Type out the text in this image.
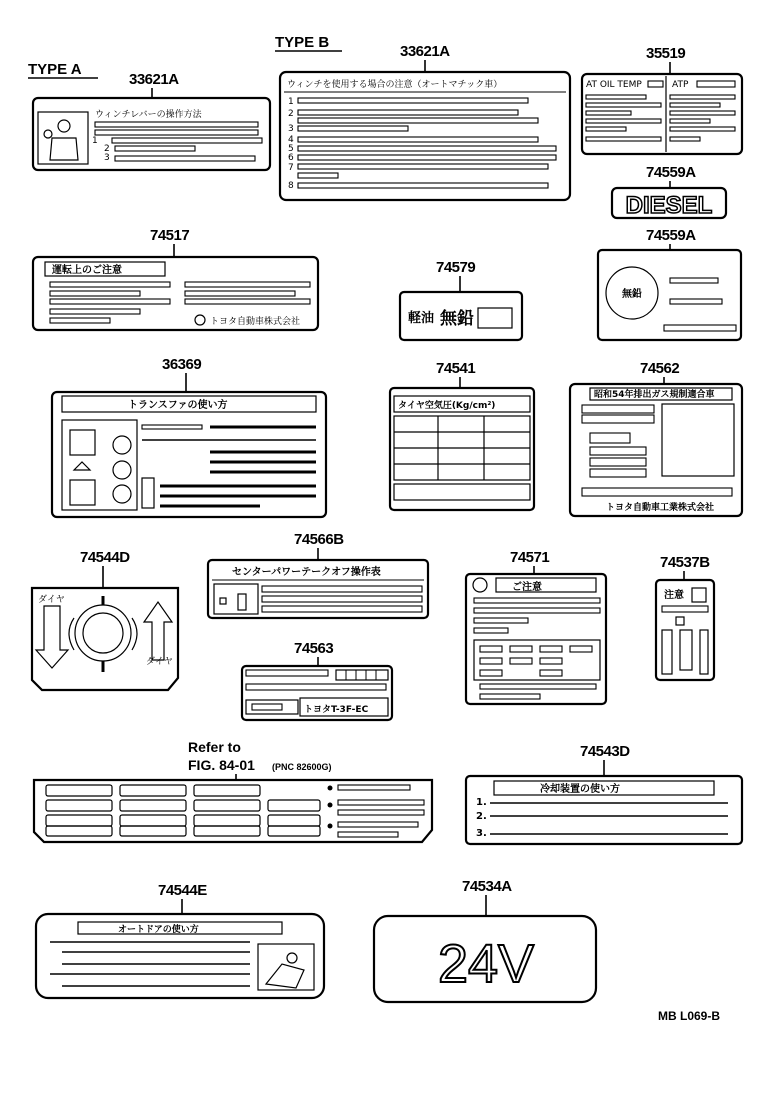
TYPE A
TYPE B
33621A
ウィンチレバーの操作方法
1
2
3
33621A
ウィンチを使用する場合の注意（オートマチック車）
1
2
3
4
5
6
7
8
35519
AT OIL TEMP	ATP
74559A
DIESEL
74559A
無鉛
74517
運転上のご注意
トヨタ自動車株式会社
74579
軽油 無鉛
36369
トランスファの使い方
74541
タイヤ空気圧(Kg/cm²)
74562
昭和54年排出ガス規制適合車
トヨタ自動車工業株式会社
74544D
ダイヤ
ダイヤ
74566B
センターパワーテークオフ操作表
74571
ご注意
74537B
注意
74563
トヨタT-3F-EC
Refer to
FIG. 84-01 (PNC 82600G)
74543D
冷却装置の使い方
1.
2.
3.
74544E
オートドアの使い方
74534A
24V
MB L069-B
